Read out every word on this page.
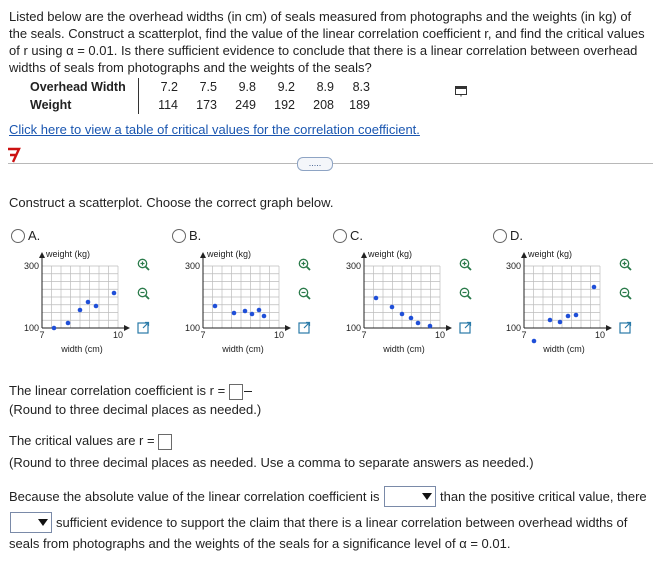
Listed below are the overhead widths (in cm) of seals measured from photographs and the weights (in kg) of the seals. Construct a scatterplot, find the value of the linear correlation coefficient r, and find the critical values of r using α = 0.01. Is there sufficient evidence to conclude that there is a linear correlation between overhead widths of seals from photographs and the weights of the seals?
Overhead Width	7.2	7.5	9.8	9.2	8.9	8.3
Weight	114	173	249	192	208	189
Click here to view a table of critical values for the correlation coefficient.
.....
Construct a scatterplot. Choose the correct graph below.
A.
300
100
7	10
weight (kg)
width (cm)
B.
300
100
7	10
weight (kg)
width (cm)
C.
300
100
7	10
weight (kg)
width (cm)
D.
300
100
7	10
weight (kg)
width (cm)
The linear correlation coefficient is r =
(Round to three decimal places as needed.)
The critical values are r =
(Round to three decimal places as needed. Use a comma to separate answers as needed.)
Because the absolute value of the linear correlation coefficient is	than the positive critical value, there
sufficient evidence to support the claim that there is a linear correlation between overhead widths of
seals from photographs and the weights of the seals for a significance level of α = 0.01.
